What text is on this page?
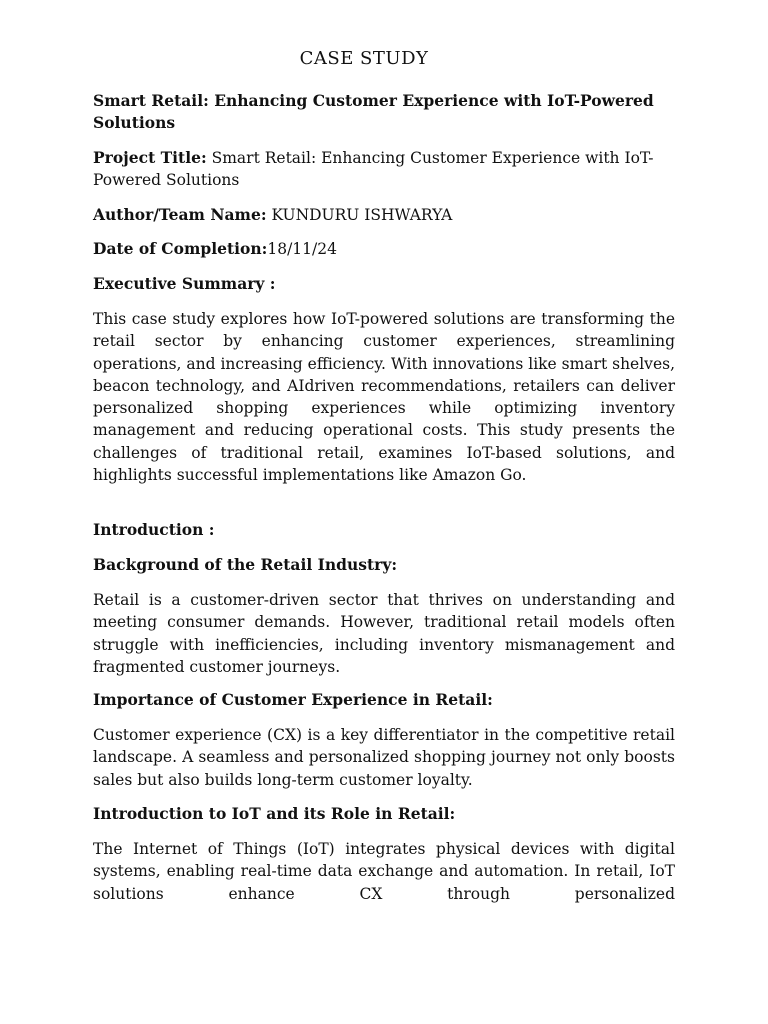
CASE STUDY

Smart Retail: Enhancing Customer Experience with IoT-Powered Solutions

Project Title: Smart Retail: Enhancing Customer Experience with IoT-Powered Solutions

Author/Team Name: KUNDURU ISHWARYA

Date of Completion:18/11/24

Executive Summary :

This case study explores how IoT-powered solutions are transforming the retail sector by enhancing customer experiences, streamlining operations, and increasing efficiency. With innovations like smart shelves, beacon technology, and AIdriven recommendations, retailers can deliver personalized shopping experiences while optimizing inventory management and reducing operational costs. This study presents the challenges of traditional retail, examines IoT-based solutions, and highlights successful implementations like Amazon Go.

Introduction :

Background of the Retail Industry:

Retail is a customer-driven sector that thrives on understanding and meeting consumer demands. However, traditional retail models often struggle with inefficiencies, including inventory mismanagement and fragmented customer journeys.

Importance of Customer Experience in Retail:

Customer experience (CX) is a key differentiator in the competitive retail landscape. A seamless and personalized shopping journey not only boosts sales but also builds long-term customer loyalty.

Introduction to IoT and its Role in Retail:

The Internet of Things (IoT) integrates physical devices with digital systems, enabling real-time data exchange and automation. In retail, IoT solutions enhance CX through personalized
